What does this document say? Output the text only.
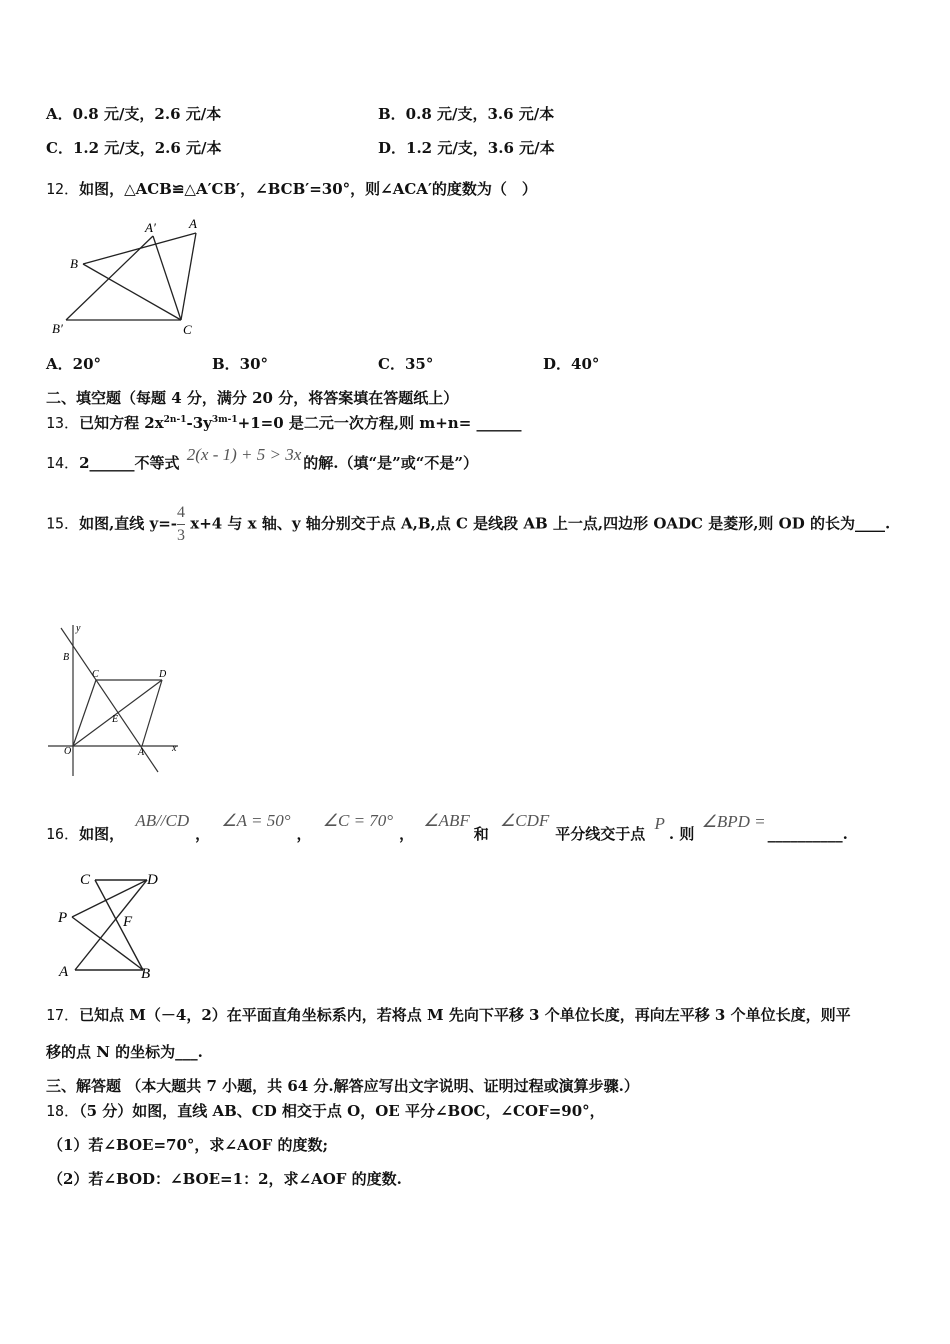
A．0.8 元/支，2.6 元/本	B．0.8 元/支，3.6 元/本
C．1.2 元/支，2.6 元/本	D．1.2 元/支，3.6 元/本
12．如图，△ACB≌△A′CB′，∠BCB′=30°，则∠ACA′的度数为（　）
A′	A
B
B′	C
A．20°	B．30°	C．35°	D．40°
二、填空题（每题 4 分，满分 20 分，将答案填在答题纸上）
13．已知方程 $2x^{2n-1}-3y^{3m-1}+1=0$ 是二元一次方程,则 m+n= ______
14．2______不等式 2(x - 1) + 5 > 3x 的解.（填“是”或“不是”）
15．如图,直线 $y=- \frac{4}{3} x+4$ 与 x 轴、y 轴分别交于点 A,B,点 C 是线段 AB 上一点,四边形 OADC 是菱形,则 OD 的长为____.
y
B
C	D
E
O	A	x
16．如图， AB//CD， ∠A = 50°， ∠C = 70°， ∠ABF和 ∠CDF平分线交于点 P. 则 ∠BPD =__________.
C	D
P	F
A	B
17．已知点 M（－4，2）在平面直角坐标系内，若将点 M 先向下平移 3 个单位长度，再向左平移 3 个单位长度，则平
移的点 N 的坐标为___.
三、解答题 （本大题共 7 小题，共 64 分.解答应写出文字说明、证明过程或演算步骤.）
18．（5 分）如图，直线 AB、CD 相交于点 O，OE 平分∠BOC，∠COF=90°，
（1）若∠BOE=70°，求∠AOF 的度数;
（2）若∠BOD：∠BOE=1：2，求∠AOF 的度数.
